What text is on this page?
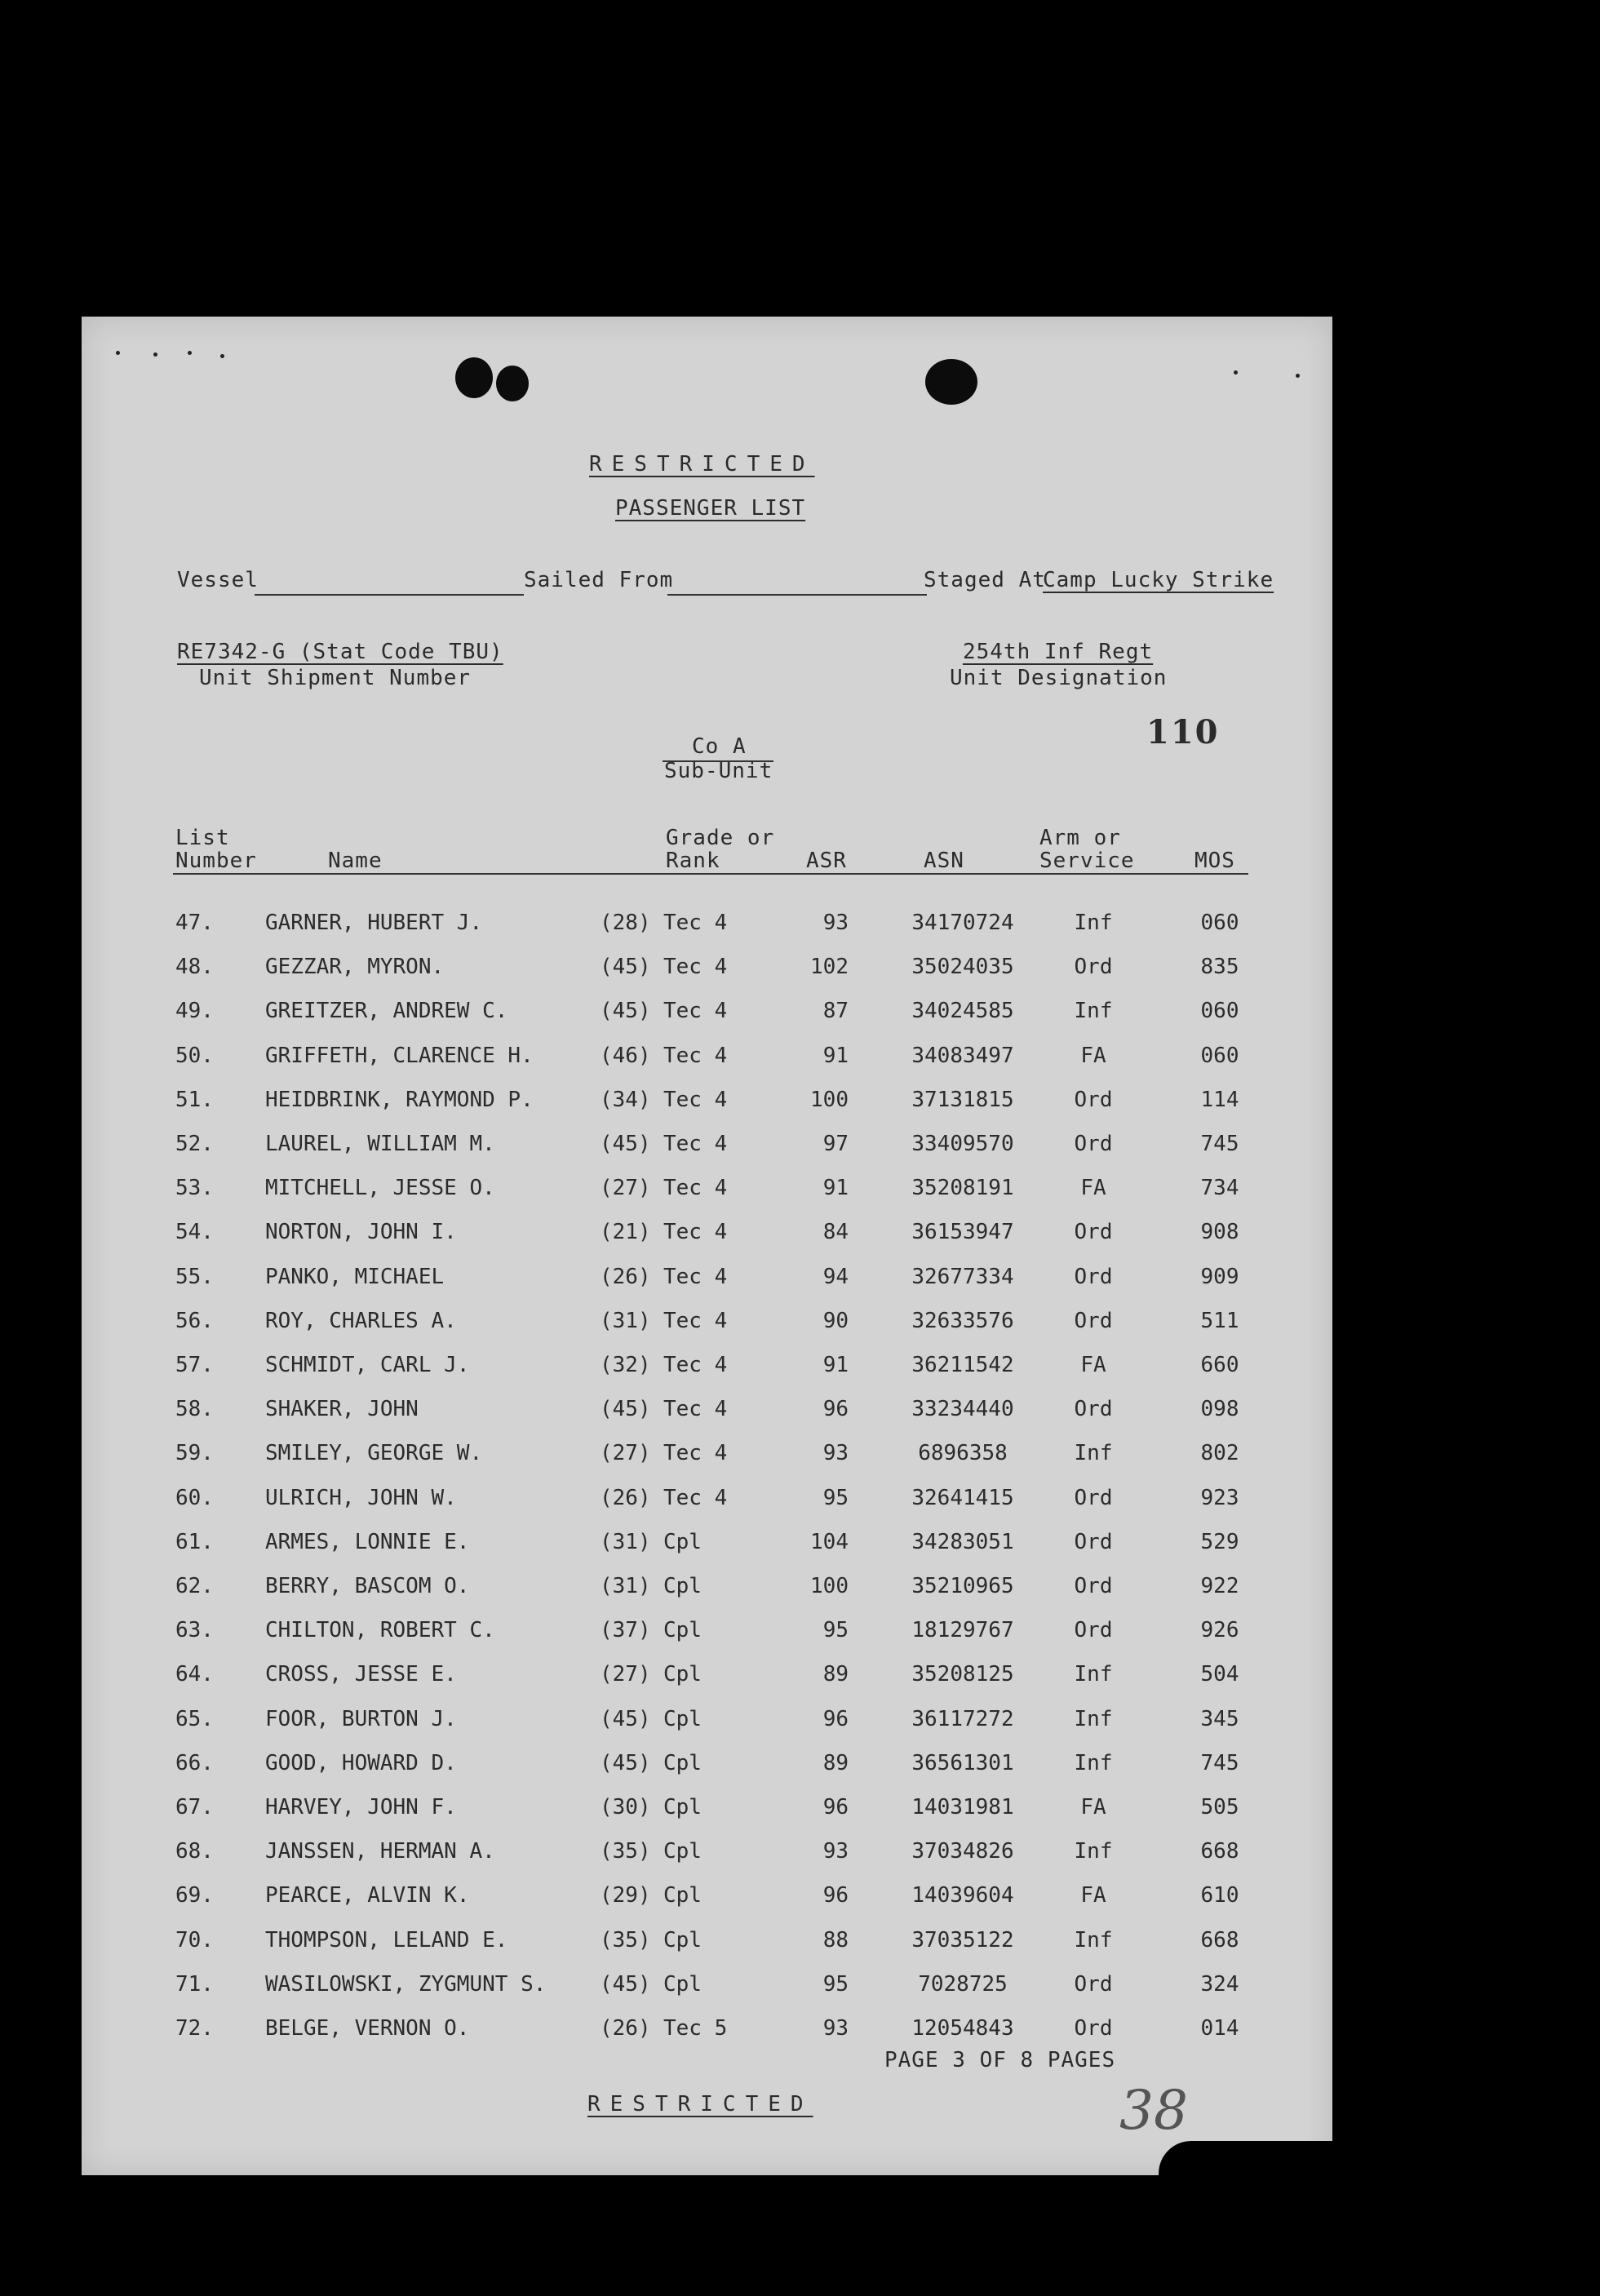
RESTRICTED
PASSENGER LIST
Vessel	Sailed From	Staged At
Camp Lucky Strike
RE7342-G (Stat Code TBU)
Unit Shipment Number
254th Inf Regt
Unit Designation
110
Co A
Sub-Unit
List
Number	Name
Grade or
Rank	ASR	ASN
Arm or
Service	MOS
47. GARNER, HUBERT J.	(28) Tec 4	93	34170724	Inf	060
48. GEZZAR, MYRON.	(45) Tec 4	102	35024035	Ord	835
49. GREITZER, ANDREW C.	(45) Tec 4	87	34024585	Inf	060
50. GRIFFETH, CLARENCE H.	(46) Tec 4	91	34083497	FA	060
51. HEIDBRINK, RAYMOND P.	(34) Tec 4	100	37131815	Ord	114
52. LAUREL, WILLIAM M.	(45) Tec 4	97	33409570	Ord	745
53. MITCHELL, JESSE O.	(27) Tec 4	91	35208191	FA	734
54. NORTON, JOHN I.	(21) Tec 4	84	36153947	Ord	908
55. PANKO, MICHAEL	(26) Tec 4	94	32677334	Ord	909
56. ROY, CHARLES A.	(31) Tec 4	90	32633576	Ord	511
57. SCHMIDT, CARL J.	(32) Tec 4	91	36211542	FA	660
58. SHAKER, JOHN	(45) Tec 4	96	33234440	Ord	098
59. SMILEY, GEORGE W.	(27) Tec 4	93	6896358	Inf	802
60. ULRICH, JOHN W.	(26) Tec 4	95	32641415	Ord	923
61. ARMES, LONNIE E.	(31) Cpl	104	34283051	Ord	529
62. BERRY, BASCOM O.	(31) Cpl	100	35210965	Ord	922
63. CHILTON, ROBERT C.	(37) Cpl	95	18129767	Ord	926
64. CROSS, JESSE E.	(27) Cpl	89	35208125	Inf	504
65. FOOR, BURTON J.	(45) Cpl	96	36117272	Inf	345
66. GOOD, HOWARD D.	(45) Cpl	89	36561301	Inf	745
67. HARVEY, JOHN F.	(30) Cpl	96	14031981	FA	505
68. JANSSEN, HERMAN A.	(35) Cpl	93	37034826	Inf	668
69. PEARCE, ALVIN K.	(29) Cpl	96	14039604	FA	610
70. THOMPSON, LELAND E.	(35) Cpl	88	37035122	Inf	668
71. WASILOWSKI, ZYGMUNT S.	(45) Cpl	95	7028725	Ord	324
72. BELGE, VERNON O.	(26) Tec 5	93	12054843	Ord	014
PAGE 3 OF 8 PAGES
RESTRICTED	38
